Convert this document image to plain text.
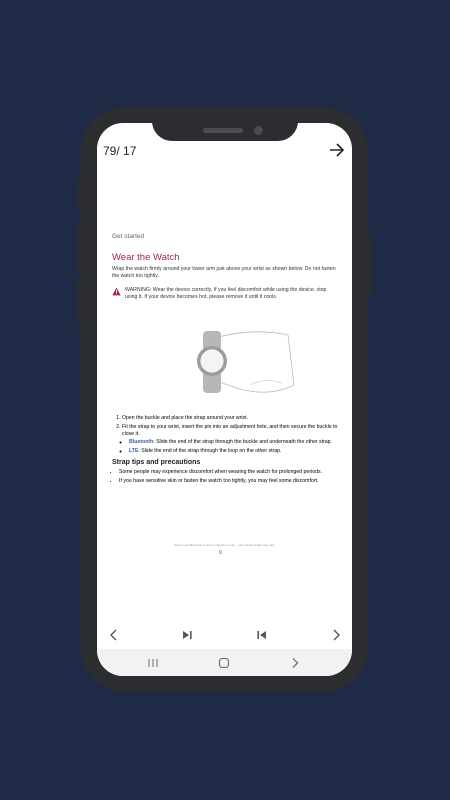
79/ 17
Get started
Wear the Watch
Wrap the watch firmly around your lower arm just above your wrist as shown below. Do not fasten the watch too tightly.
WARNING: Wear the device correctly. If you feel discomfort while using the device, stop using it. If your device becomes hot, please remove it until it cools.
1. Open the buckle and place the strap around your wrist.
2. Fit the strap to your wrist, insert the pin into an adjustment hole, and then secure the buckle to close it.
◦ Bluetooth: Slide the end of the strap through the buckle and underneath the other strap.
◦ LTE: Slide the end of the strap through the loop on the other strap.
Strap tips and precautions
• Some people may experience discomfort when wearing the watch for prolonged periods.
• If you have sensitive skin or fasten the watch too tightly, you may feel some discomfort.
Screen and illustrations are for reference only — the actual design may vary
9
